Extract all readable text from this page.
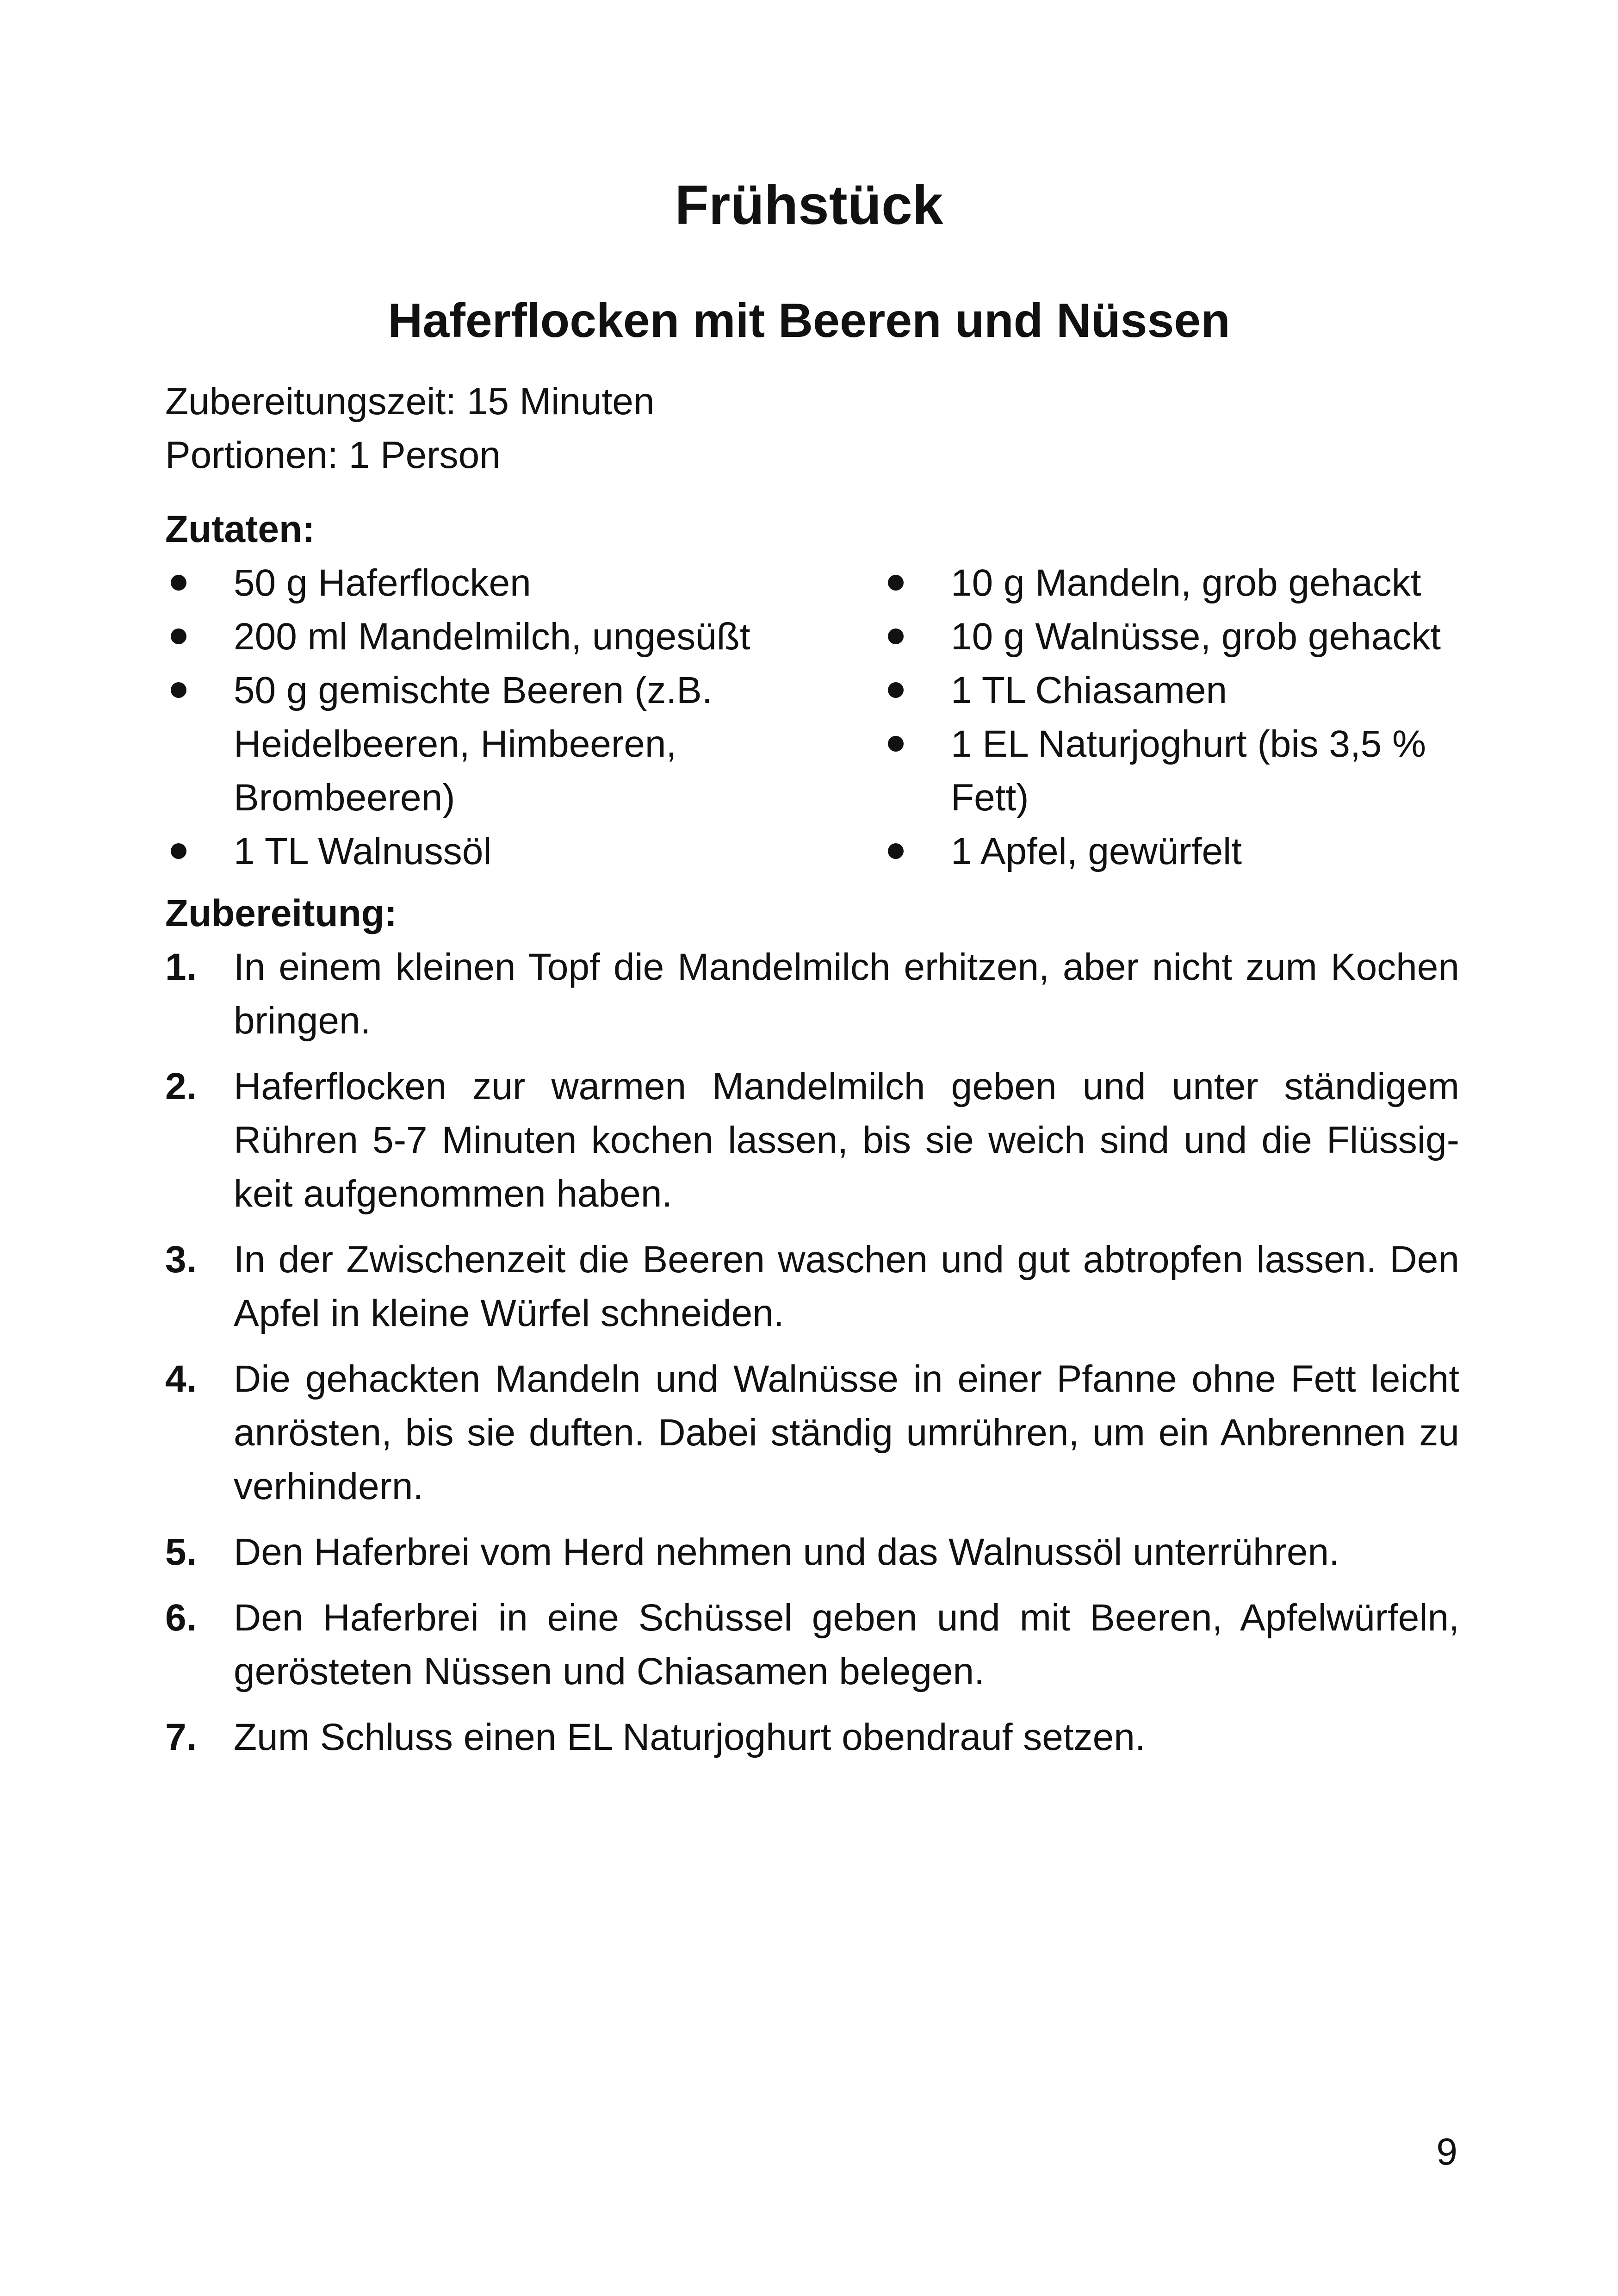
Frühstück
Haferflocken mit Beeren und Nüssen

Zubereitungszeit: 15 Minuten

Portionen: 1 Person

Zutaten:

50 g Haferflocken
200 ml Mandelmilch, ungesüßt
50 g gemischte Beeren (z.B. Heidelbeeren, Himbeeren, Brombeeren)
1 TL Walnussöl
10 g Mandeln, grob gehackt
10 g Walnüsse, grob gehackt
1 TL Chiasamen
1 EL Naturjoghurt (bis 3,5 % Fett)
1 Apfel, gewürfelt

Zubereitung:

1. In einem kleinen Topf die Mandelmilch erhitzen, aber nicht zum Kochen bringen.
2. Haferflocken zur warmen Mandelmilch geben und unter ständigem Rühren 5-7 Minuten kochen lassen, bis sie weich sind und die Flüssigkeit aufgenommen haben.
3. In der Zwischenzeit die Beeren waschen und gut abtropfen lassen. Den Apfel in kleine Würfel schneiden.
4. Die gehackten Mandeln und Walnüsse in einer Pfanne ohne Fett leicht anrösten, bis sie duften. Dabei ständig umrühren, um ein Anbrennen zu verhindern.
5. Den Haferbrei vom Herd nehmen und das Walnussöl unterrühren.
6. Den Haferbrei in eine Schüssel geben und mit Beeren, Apfelwürfeln, gerösteten Nüssen und Chiasamen belegen.
7. Zum Schluss einen EL Naturjoghurt obendrauf setzen.
9
